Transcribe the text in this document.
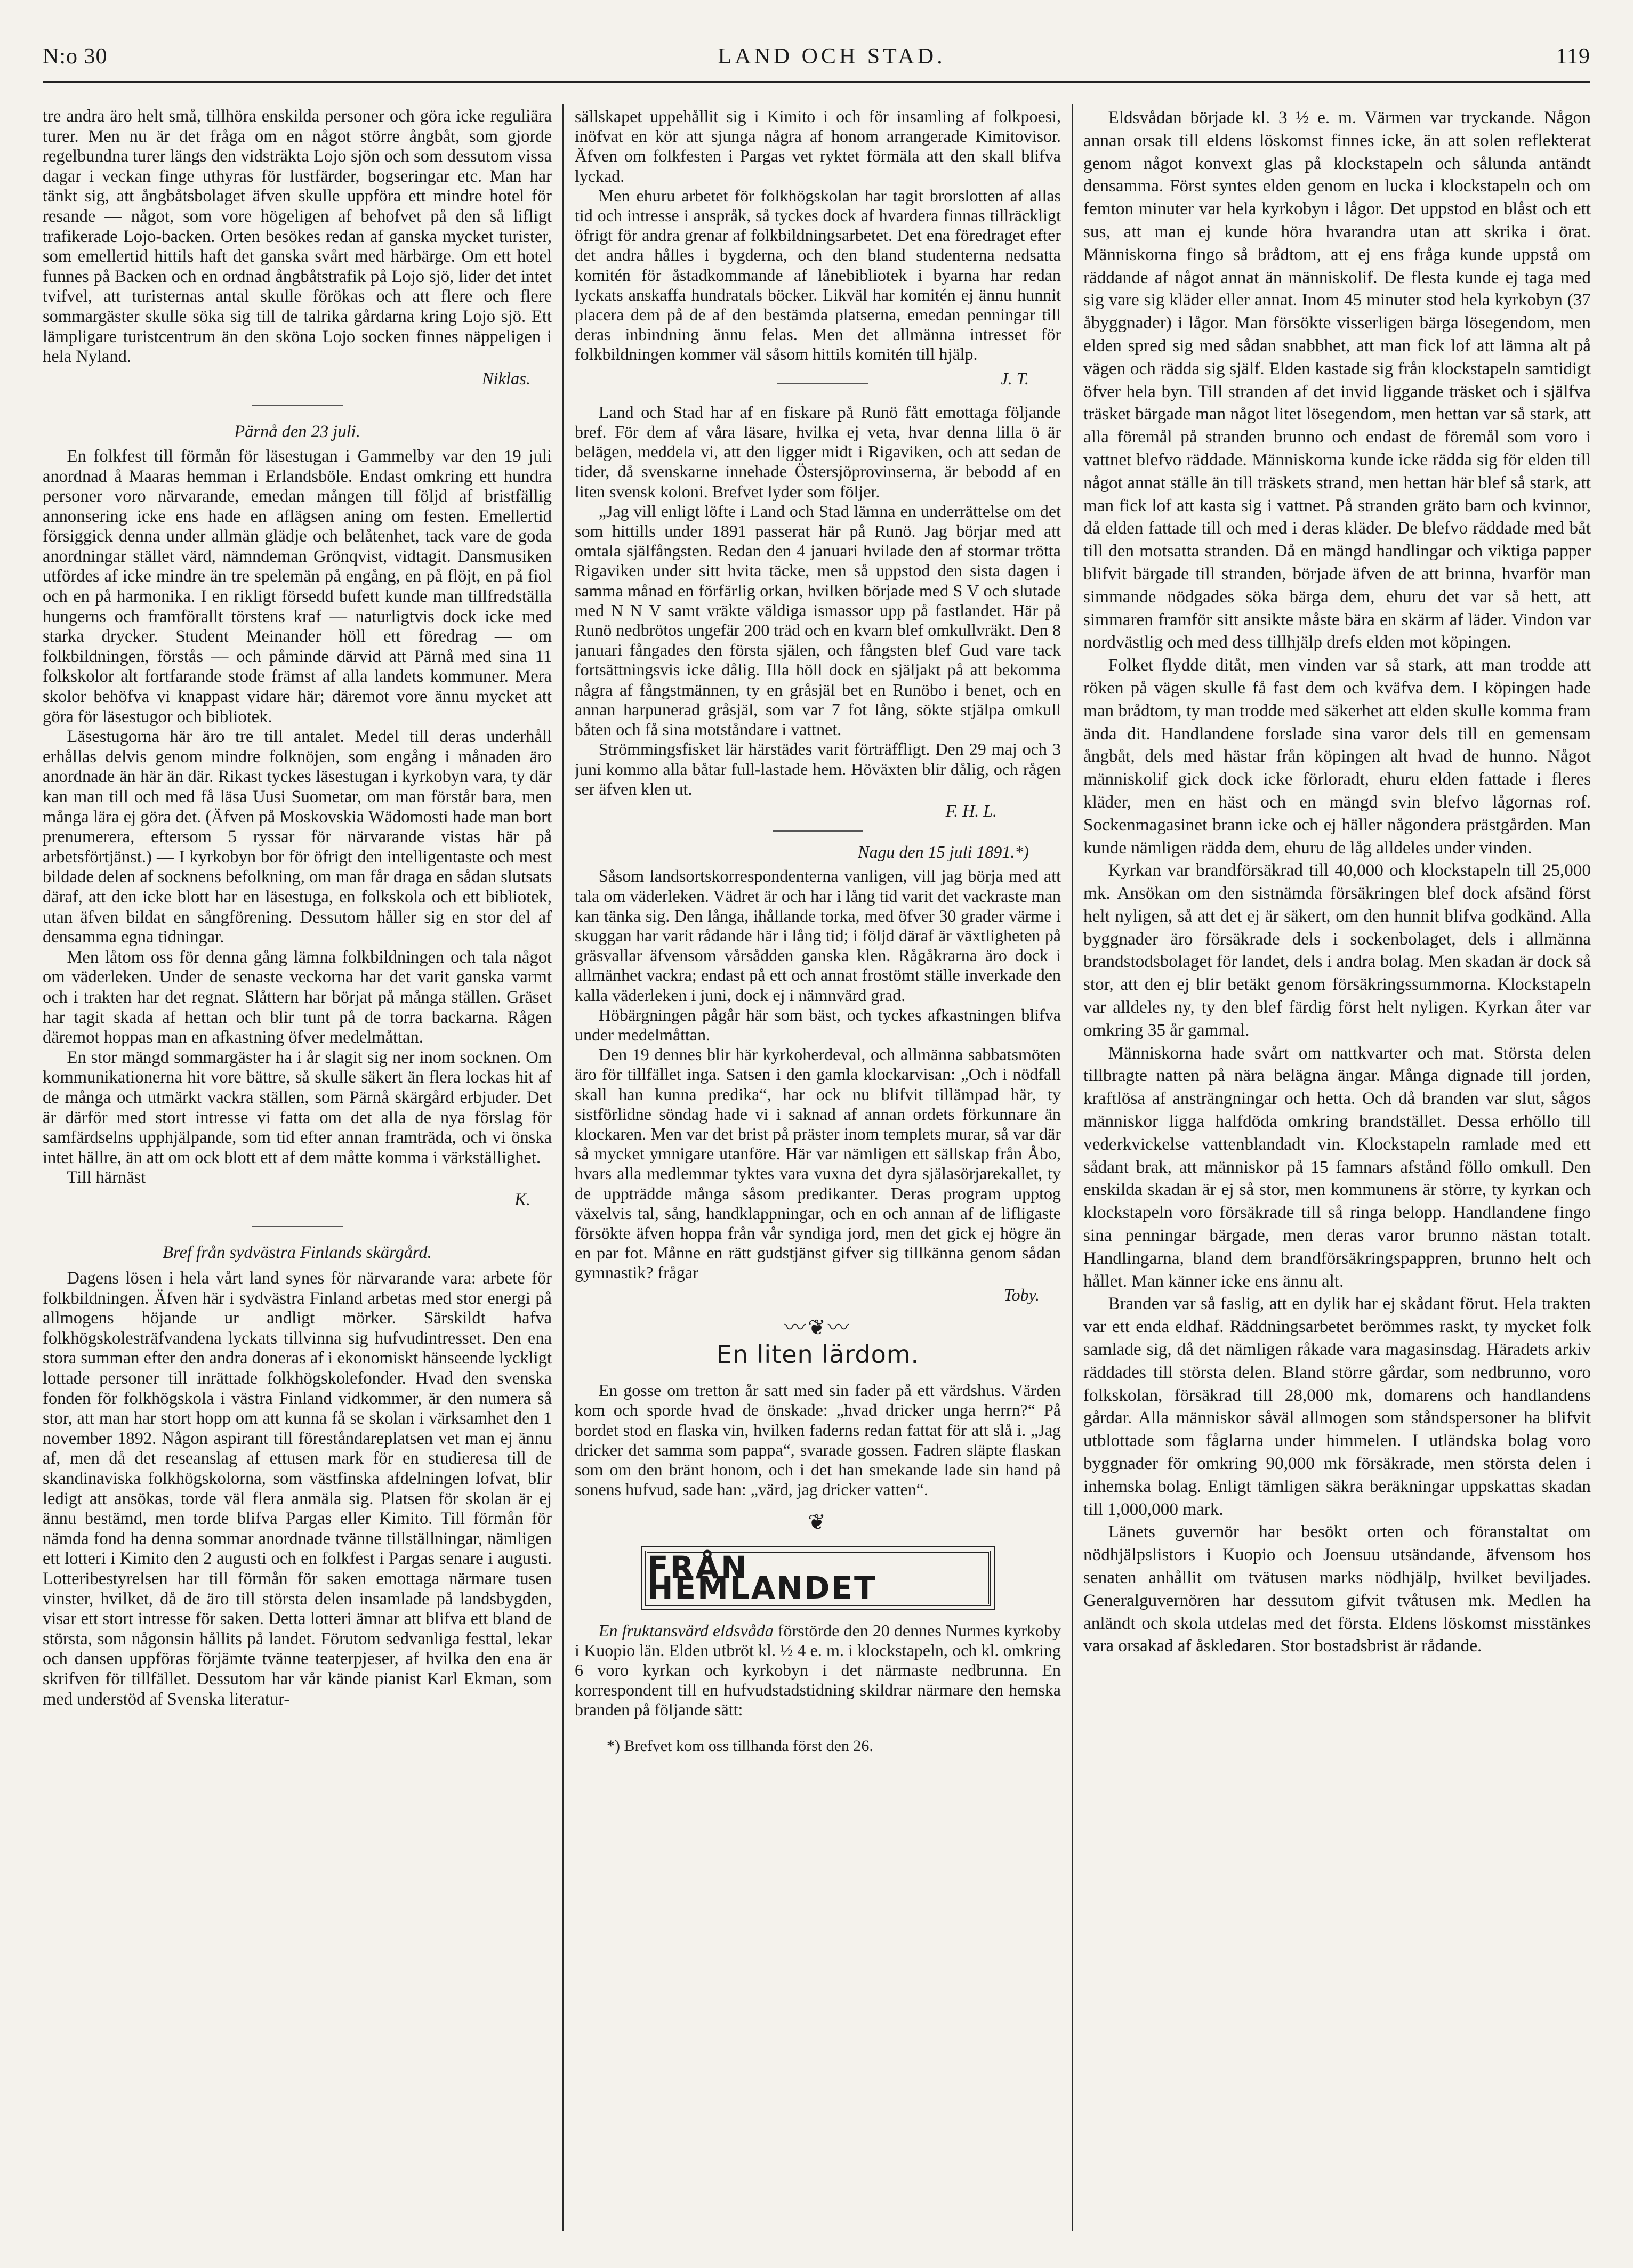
N:o 30	LAND OCH STAD.	119

tre andra äro helt små, tillhöra enskilda personer och göra icke reguliära turer. Men nu är det fråga om en något större ångbåt, som gjorde regelbundna turer längs den vidsträkta Lojo sjön och som dessutom vissa dagar i veckan finge uthyras för lustfärder, bogseringar etc. Man har tänkt sig, att ångbåtsbolaget äfven skulle uppföra ett mindre hotel för resande — något, som vore högeligen af behofvet på den så lifligt trafikerade Lojo-backen. Orten besökes redan af ganska mycket turister, som emellertid hittils haft det ganska svårt med härbärge. Om ett hotel funnes på Backen och en ordnad ångbåtstrafik på Lojo sjö, lider det intet tvifvel, att turisternas antal skulle förökas och att flere och flere sommargäster skulle söka sig till de talrika gårdarna kring Lojo sjö. Ett lämpligare turistcentrum än den sköna Lojo socken finnes näppeligen i hela Nyland.

Niklas.

Pärnå den 23 juli.

En folkfest till förmån för läsestugan i Gammelby var den 19 juli anordnad å Maaras hemman i Erlandsböle. Endast omkring ett hundra personer voro närvarande, emedan mången till följd af bristfällig annonsering icke ens hade en aflägsen aning om festen. Emellertid försiggick denna under allmän glädje och belåtenhet, tack vare de goda anordningar stället värd, nämndeman Grönqvist, vidtagit. Dansmusiken utfördes af icke mindre än tre spelemän på engång, en på flöjt, en på fiol och en på harmonika. I en rikligt försedd bufett kunde man tillfredställa hungerns och framförallt törstens kraf — naturligtvis dock icke med starka drycker. Student Meinander höll ett föredrag — om folkbildningen, förstås — och påminde därvid att Pärnå med sina 11 folkskolor alt fortfarande stode främst af alla landets kommuner. Mera skolor behöfva vi knappast vidare här; däremot vore ännu mycket att göra för läsestugor och bibliotek.

Läsestugorna här äro tre till antalet. Medel till deras underhåll erhållas delvis genom mindre folknöjen, som engång i månaden äro anordnade än här än där. Rikast tyckes läsestugan i kyrkobyn vara, ty där kan man till och med få läsa Uusi Suometar, om man förstår bara, men många lära ej göra det. (Äfven på Moskovskia Wädomosti hade man bort prenumerera, eftersom 5 ryssar för närvarande vistas här på arbetsförtjänst.) — I kyrkobyn bor för öfrigt den intelligentaste och mest bildade delen af socknens befolkning, om man får draga en sådan slutsats däraf, att den icke blott har en läsestuga, en folkskola och ett bibliotek, utan äfven bildat en sångförening. Dessutom håller sig en stor del af densamma egna tidningar.

Men låtom oss för denna gång lämna folkbildningen och tala något om väderleken. Under de senaste veckorna har det varit ganska varmt och i trakten har det regnat. Slåttern har börjat på många ställen. Gräset har tagit skada af hettan och blir tunt på de torra backarna. Rågen däremot hoppas man en afkastning öfver medelmåttan.

En stor mängd sommargäster ha i år slagit sig ner inom socknen. Om kommunikationerna hit vore bättre, så skulle säkert än flera lockas hit af de många och utmärkt vackra ställen, som Pärnå skärgård erbjuder. Det är därför med stort intresse vi fatta om det alla de nya förslag för samfärdselns upphjälpande, som tid efter annan framträda, och vi önska intet hällre, än att om ock blott ett af dem måtte komma i värkställighet.

Till härnäst

K.

Bref från sydvästra Finlands skärgård.

Dagens lösen i hela vårt land synes för närvarande vara: arbete för folkbildningen. Äfven här i sydvästra Finland arbetas med stor energi på allmogens höjande ur andligt mörker. Särskildt hafva folkhögskolesträfvandena lyckats tillvinna sig hufvudintresset. Den ena stora summan efter den andra doneras af i ekonomiskt hänseende lyckligt lottade personer till inrättade folkhögskolefonder. Hvad den svenska fonden för folkhögskola i västra Finland vidkommer, är den numera så stor, att man har stort hopp om att kunna få se skolan i värksamhet den 1 november 1892. Någon aspirant till föreståndareplatsen vet man ej ännu af, men då det reseanslag af ettusen mark för en studieresa till de skandinaviska folkhögskolorna, som västfinska afdelningen lofvat, blir ledigt att ansökas, torde väl flera anmäla sig. Platsen för skolan är ej ännu bestämd, men torde blifva Pargas eller Kimito. Till förmån för nämda fond ha denna sommar anordnade tvänne tillställningar, nämligen ett lotteri i Kimito den 2 augusti och en folkfest i Pargas senare i augusti. Lotteribestyrelsen har till förmån för saken emottaga närmare tusen vinster, hvilket, då de äro till största delen insamlade på landsbygden, visar ett stort intresse för saken. Detta lotteri ämnar att blifva ett bland de största, som någonsin hållits på landet. Förutom sedvanliga festtal, lekar och dansen uppföras förjämte tvänne teaterpjeser, af hvilka den ena är skrifven för tillfället. Dessutom har vår kände pianist Karl Ekman, som med understöd af Svenska literatur-

sällskapet uppehållit sig i Kimito i och för insamling af folkpoesi, inöfvat en kör att sjunga några af honom arrangerade Kimitovisor. Äfven om folkfesten i Pargas vet ryktet förmäla att den skall blifva lyckad.

Men ehuru arbetet för folkhögskolan har tagit brorslotten af allas tid och intresse i anspråk, så tyckes dock af hvardera finnas tillräckligt öfrigt för andra grenar af folkbildningsarbetet. Det ena föredraget efter det andra hålles i bygderna, och den bland studenterna nedsatta komitén för åstadkommande af lånebibliotek i byarna har redan lyckats anskaffa hundratals böcker. Likväl har komitén ej ännu hunnit placera dem på de af den bestämda platserna, emedan penningar till deras inbindning ännu felas. Men det allmänna intresset för folkbildningen kommer väl såsom hittils komitén till hjälp.

J. T.

Land och Stad har af en fiskare på Runö fått emottaga följande bref. För dem af våra läsare, hvilka ej veta, hvar denna lilla ö är belägen, meddela vi, att den ligger midt i Rigaviken, och att sedan de tider, då svenskarne innehade Östersjöprovinserna, är bebodd af en liten svensk koloni. Brefvet lyder som följer.

„Jag vill enligt löfte i Land och Stad lämna en underrättelse om det som hittills under 1891 passerat här på Runö. Jag börjar med att omtala själfångsten. Redan den 4 januari hvilade den af stormar trötta Rigaviken under sitt hvita täcke, men så uppstod den sista dagen i samma månad en förfärlig orkan, hvilken började med S V och slutade med N N V samt vräkte väldiga ismassor upp på fastlandet. Här på Runö nedbrötos ungefär 200 träd och en kvarn blef omkullvräkt. Den 8 januari fångades den första själen, och fångsten blef Gud vare tack fortsättningsvis icke dålig. Illa höll dock en själjakt på att bekomma några af fångstmännen, ty en gråsjäl bet en Runöbo i benet, och en annan harpunerad gråsjäl, som var 7 fot lång, sökte stjälpa omkull båten och få sina motståndare i vattnet.

Strömmingsfisket lär härstädes varit förträffligt. Den 29 maj och 3 juni kommo alla båtar full-lastade hem. Höväxten blir dålig, och rågen ser äfven klen ut.

F. H. L.

Nagu den 15 juli 1891.*)

Såsom landsortskorrespondenterna vanligen, vill jag börja med att tala om väderleken. Vädret är och har i lång tid varit det vackraste man kan tänka sig. Den långa, ihållande torka, med öfver 30 grader värme i skuggan har varit rådande här i lång tid; i följd däraf är växtligheten på gräsvallar äfvensom vårsådden ganska klen. Rågåkrarna äro dock i allmänhet vackra; endast på ett och annat frostömt ställe inverkade den kalla väderleken i juni, dock ej i nämnvärd grad.

Höbärgningen pågår här som bäst, och tyckes afkastningen blifva under medelmåttan.

Den 19 dennes blir här kyrkoherdeval, och allmänna sabbatsmöten äro för tillfället inga. Satsen i den gamla klockarvisan: „Och i nödfall skall han kunna predika“, har ock nu blifvit tillämpad här, ty sistförlidne söndag hade vi i saknad af annan ordets förkunnare än klockaren. Men var det brist på präster inom templets murar, så var där så mycket ymnigare utanföre. Här var nämligen ett sällskap från Åbo, hvars alla medlemmar tyktes vara vuxna det dyra själasörjarekallet, ty de uppträdde många såsom predikanter. Deras program upptog växelvis tal, sång, handklappningar, och en och annan af de lifligaste försökte äfven hoppa från vår syndiga jord, men det gick ej högre än en par fot. Månne en rätt gudstjänst gifver sig tillkänna genom sådan gymnastik? frågar

Toby.

〰❦〰
En liten lärdom.

En gosse om tretton år satt med sin fader på ett värdshus. Värden kom och sporde hvad de önskade: „hvad dricker unga herrn?“ På bordet stod en flaska vin, hvilken faderns redan fattat för att slå i. „Jag dricker det samma som pappa“, svarade gossen. Fadren släpte flaskan som om den bränt honom, och i det han smekande lade sin hand på sonens hufvud, sade han: „värd, jag dricker vatten“.

❦
FRÅN HEMLANDET

En fruktansvärd eldsvåda förstörde den 20 dennes Nurmes kyrkoby i Kuopio län. Elden utbröt kl. ½ 4 e. m. i klockstapeln, och kl. omkring 6 voro kyrkan och kyrkobyn i det närmaste nedbrunna. En korrespondent till en hufvudstadstidning skildrar närmare den hemska branden på följande sätt:

*) Brefvet kom oss tillhanda först den 26.

Eldsvådan började kl. 3 ½ e. m. Värmen var tryckande. Någon annan orsak till eldens löskomst finnes icke, än att solen reflekterat genom något konvext glas på klockstapeln och sålunda antändt densamma. Först syntes elden genom en lucka i klockstapeln och om femton minuter var hela kyrkobyn i lågor. Det uppstod en blåst och ett sus, att man ej kunde höra hvarandra utan att skrika i örat. Människorna fingo så brådtom, att ej ens fråga kunde uppstå om räddande af något annat än människolif. De flesta kunde ej taga med sig vare sig kläder eller annat. Inom 45 minuter stod hela kyrkobyn (37 åbyggnader) i lågor. Man försökte visserligen bärga lösegendom, men elden spred sig med sådan snabbhet, att man fick lof att lämna alt på vägen och rädda sig själf. Elden kastade sig från klockstapeln samtidigt öfver hela byn. Till stranden af det invid liggande träsket och i själfva träsket bärgade man något litet lösegendom, men hettan var så stark, att alla föremål på stranden brunno och endast de föremål som voro i vattnet blefvo räddade. Människorna kunde icke rädda sig för elden till något annat ställe än till träskets strand, men hettan här blef så stark, att man fick lof att kasta sig i vattnet. På stranden gräto barn och kvinnor, då elden fattade till och med i deras kläder. De blefvo räddade med båt till den motsatta stranden. Då en mängd handlingar och viktiga papper blifvit bärgade till stranden, började äfven de att brinna, hvarför man simmande nödgades söka bärga dem, ehuru det var så hett, att simmaren framför sitt ansikte måste bära en skärm af läder. Vindon var nordvästlig och med dess tillhjälp drefs elden mot köpingen.

Folket flydde ditåt, men vinden var så stark, att man trodde att röken på vägen skulle få fast dem och kväfva dem. I köpingen hade man brådtom, ty man trodde med säkerhet att elden skulle komma fram ända dit. Handlandene forslade sina varor dels till en gemensam ångbåt, dels med hästar från köpingen alt hvad de hunno. Något människolif gick dock icke förloradt, ehuru elden fattade i fleres kläder, men en häst och en mängd svin blefvo lågornas rof. Sockenmagasinet brann icke och ej häller någondera prästgården. Man kunde nämligen rädda dem, ehuru de låg alldeles under vinden.

Kyrkan var brandförsäkrad till 40,000 och klockstapeln till 25,000 mk. Ansökan om den sistnämda försäkringen blef dock afsänd först helt nyligen, så att det ej är säkert, om den hunnit blifva godkänd. Alla byggnader äro försäkrade dels i sockenbolaget, dels i allmänna brandstodsbolaget för landet, dels i andra bolag. Men skadan är dock så stor, att den ej blir betäkt genom försäkringssummorna. Klockstapeln var alldeles ny, ty den blef färdig först helt nyligen. Kyrkan åter var omkring 35 år gammal.

Människorna hade svårt om nattkvarter och mat. Största delen tillbragte natten på nära belägna ängar. Många dignade till jorden, kraftlösa af ansträngningar och hetta. Och då branden var slut, sågos människor ligga halfdöda omkring brandstället. Dessa erhöllo till vederkvickelse vattenblandadt vin. Klockstapeln ramlade med ett sådant brak, att människor på 15 famnars afstånd föllo omkull. Den enskilda skadan är ej så stor, men kommunens är större, ty kyrkan och klockstapeln voro försäkrade till så ringa belopp. Handlandene fingo sina penningar bärgade, men deras varor brunno nästan totalt. Handlingarna, bland dem brandförsäkringspappren, brunno helt och hållet. Man känner icke ens ännu alt.

Branden var så faslig, att en dylik har ej skådant förut. Hela trakten var ett enda eldhaf. Räddningsarbetet berömmes raskt, ty mycket folk samlade sig, då det nämligen råkade vara magasinsdag. Häradets arkiv räddades till största delen. Bland större gårdar, som nedbrunno, voro folkskolan, försäkrad till 28,000 mk, domarens och handlandens gårdar. Alla människor såväl allmogen som ståndspersoner ha blifvit utblottade som fåglarna under himmelen. I utländska bolag voro byggnader för omkring 90,000 mk försäkrade, men största delen i inhemska bolag. Enligt tämligen säkra beräkningar uppskattas skadan till 1,000,000 mark.

Länets guvernör har besökt orten och föranstaltat om nödhjälpslistors i Kuopio och Joensuu utsändande, äfvensom hos senaten anhållit om tvätusen marks nödhjälp, hvilket beviljades. Generalguvernören har dessutom gifvit tvåtusen mk. Medlen ha anländt och skola utdelas med det första. Eldens löskomst misstänkes vara orsakad af åskledaren. Stor bostadsbrist är rådande.
